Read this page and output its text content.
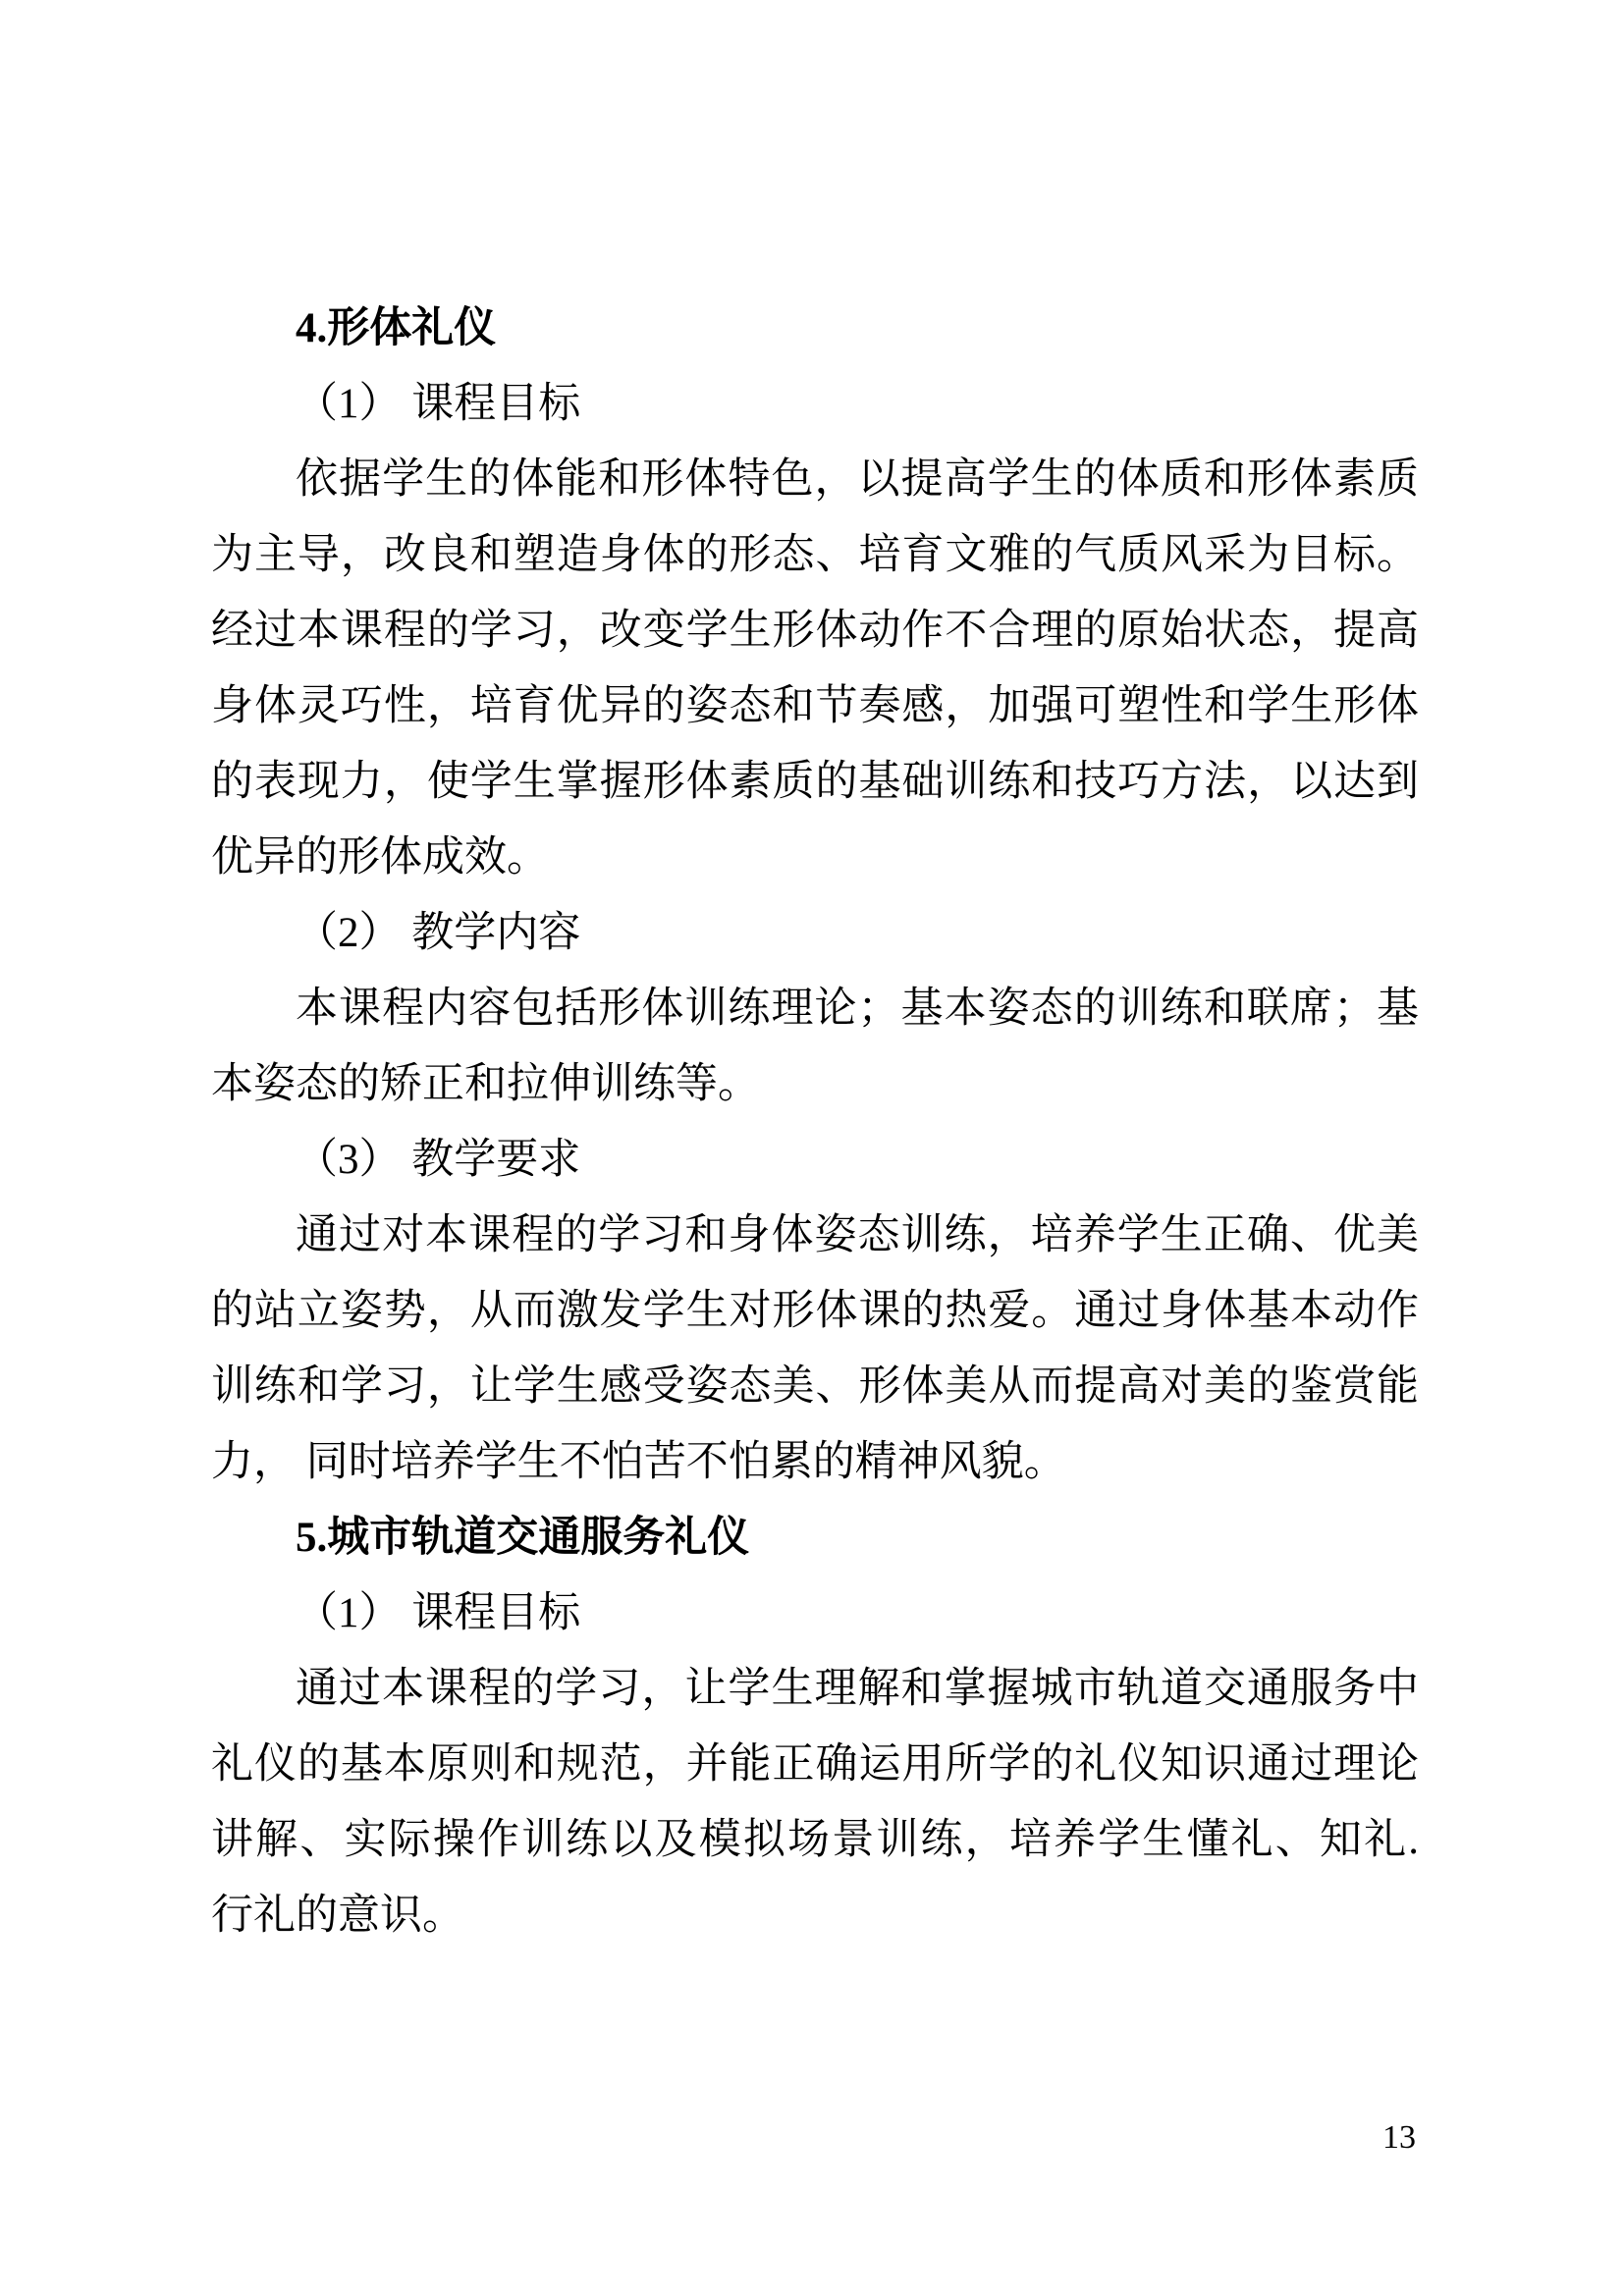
4.形体礼仪

（1） 课程目标

依据学生的体能和形体特色，以提高学生的体质和形体素质

为主导，改良和塑造身体的形态、培育文雅的气质风采为目标。

经过本课程的学习，改变学生形体动作不合理的原始状态，提高

身体灵巧性，培育优异的姿态和节奏感，加强可塑性和学生形体

的表现力，使学生掌握形体素质的基础训练和技巧方法，以达到

优异的形体成效。

（2） 教学内容

本课程内容包括形体训练理论；基本姿态的训练和联席；基

本姿态的矫正和拉伸训练等。

（3） 教学要求

通过对本课程的学习和身体姿态训练，培养学生正确、优美

的站立姿势，从而激发学生对形体课的热爱。通过身体基本动作

训练和学习，让学生感受姿态美、形体美从而提高对美的鉴赏能

力， 同时培养学生不怕苦不怕累的精神风貌。

5.城市轨道交通服务礼仪

（1） 课程目标

通过本课程的学习，让学生理解和掌握城市轨道交通服务中

礼仪的基本原则和规范，并能正确运用所学的礼仪知识通过理论

讲解、实际操作训练以及模拟场景训练，培养学生懂礼、知礼.

行礼的意识。

13
